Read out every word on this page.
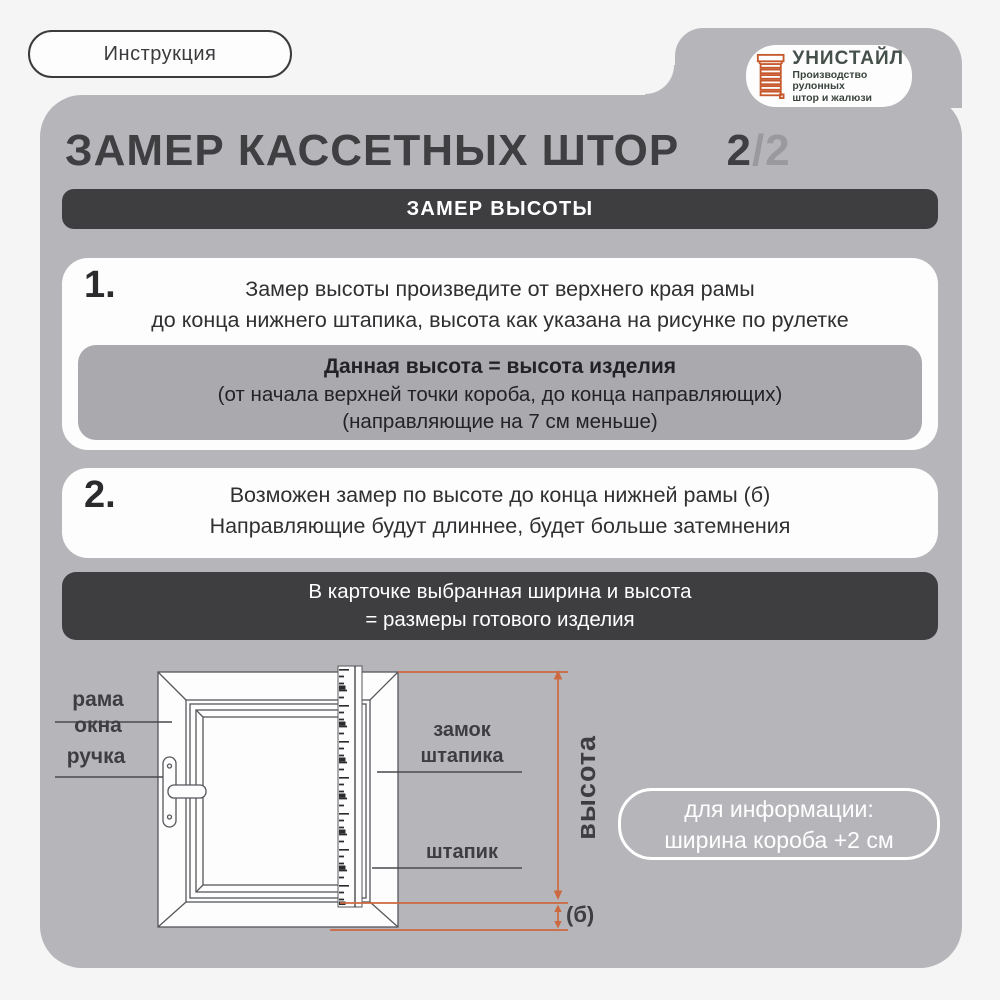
Инструкция	УНИСТАЙЛ
Производство рулонных
штор и жалюзи
ЗАМЕР КАССЕТНЫХ ШТОР 2/2
ЗАМЕР ВЫСОТЫ
1.	Замер высоты произведите от верхнего края рамы
до конца нижнего штапика, высота как указана на рисунке по рулетке
Данная высота = высота изделия
(от начала верхней точки короба, до конца направляющих)
(направляющие на 7 см меньше)
2.	Возможен замер по высоте до конца нижней рамы (б)
Направляющие будут длиннее, будет больше затемнения
В карточке выбранная ширина и высота
= размеры готового изделия
рама окна
ручка
замок
штапика
штапик
высота
(б)
для информации:
ширина короба +2 см
